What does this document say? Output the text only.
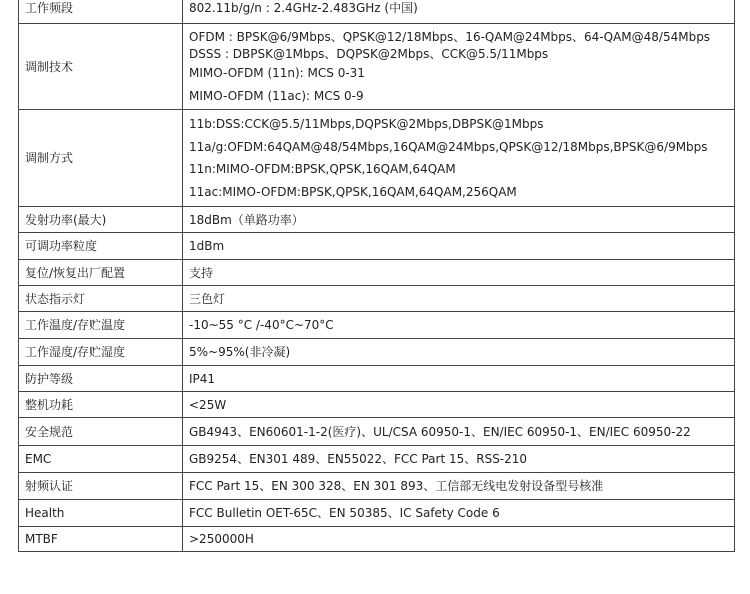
工作频段	802.11b/g/n : 2.4GHz-2.483GHz (中国)
调制技术	OFDM : BPSK@6/9Mbps、QPSK@12/18Mbps、16-QAM@24Mbps、64-QAM@48/54Mbps
DSSS : DBPSK@1Mbps、DQPSK@2Mbps、CCK@5.5/11Mbps
MIMO-OFDM (11n): MCS 0-31
MIMO-OFDM (11ac): MCS 0-9

调制方式	11b:DSS:CCK@5.5/11Mbps,DQPSK@2Mbps,DBPSK@1Mbps
11a/g:OFDM:64QAM@48/54Mbps,16QAM@24Mbps,QPSK@12/18Mbps,BPSK@6/9Mbps
11n:MIMO-OFDM:BPSK,QPSK,16QAM,64QAM
11ac:MIMO-OFDM:BPSK,QPSK,16QAM,64QAM,256QAM

发射功率(最大)	18dBm（单路功率）
可调功率粒度	1dBm
复位/恢复出厂配置	支持
状态指示灯	三色灯
工作温度/存贮温度	-10~55 °C /-40°C~70°C
工作湿度/存贮湿度	5%~95%(非冷凝)
防护等级	IP41
整机功耗	<25W
安全规范	GB4943、EN60601-1-2(医疗)、UL/CSA 60950-1、EN/IEC 60950-1、EN/IEC 60950-22
EMC	GB9254、EN301 489、EN55022、FCC Part 15、RSS-210
射频认证	FCC Part 15、EN 300 328、EN 301 893、工信部无线电发射设备型号核准
Health	FCC Bulletin OET-65C、EN 50385、IC Safety Code 6
MTBF	>250000H
